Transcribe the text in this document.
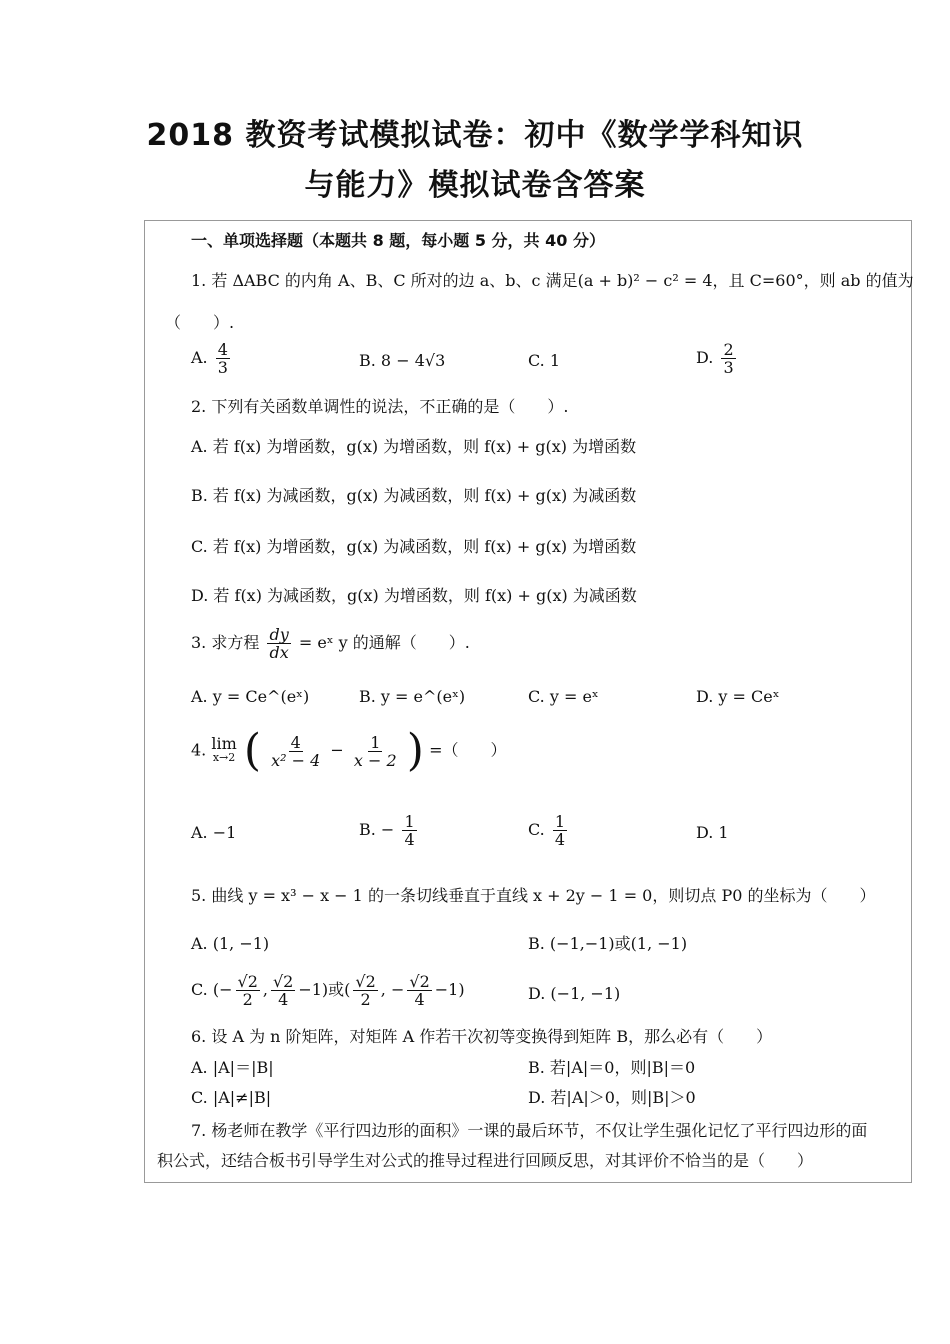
2018 教资考试模拟试卷：初中《数学学科知识
与能力》模拟试卷含答案
一、单项选择题（本题共 8 题，每小题 5 分，共 40 分）
1. 若 ΔABC 的内角 A、B、C 所对的边 a、b、c 满足(a + b)² − c² = 4，且 C=60°，则 ab 的值为
（　　）.
A. $\frac{4}{3}$	B. 8 − 4√3	C. 1	D. $\frac{2}{3}$
2. 下列有关函数单调性的说法，不正确的是（　　）.
A. 若 f(x) 为增函数，g(x) 为增函数，则 f(x) + g(x) 为增函数
B. 若 f(x) 为减函数，g(x) 为减函数，则 f(x) + g(x) 为减函数
C. 若 f(x) 为增函数，g(x) 为减函数，则 f(x) + g(x) 为增函数
D. 若 f(x) 为减函数，g(x) 为增函数，则 f(x) + g(x) 为减函数
3. 求方程 $\frac{dy}{dx}$ = eˣ y 的通解（　　）.
A. y = Ce^(eˣ)	B. y = e^(eˣ)	C. y = eˣ	D. y = Ceˣ
4. lim
x→2 ( $\frac{4}{\text{x² − 4}} - \frac{1}{x - 2}$ ) =（　　）
A. −1	B. − $\frac{1}{4}$	C. $\frac{1}{4}$	D. 1
5. 曲线 y = x³ − x − 1 的一条切线垂直于直线 x + 2y − 1 = 0，则切点 P0 的坐标为（　　）
A. (1, −1)	B. (−1,−1)或(1, −1)
C. (− $\frac{√2}{2}$ , $\frac{√2}{4} -1$)或( $\frac{√2}{2}$ , − $\frac{√2}{4} -1$)	D. (−1, −1)
6. 设 A 为 n 阶矩阵，对矩阵 A 作若干次初等变换得到矩阵 B，那么必有（　　）
A. |A|＝|B|	B. 若|A|＝0，则|B|＝0
C. |A|≠|B|	D. 若|A|＞0，则|B|＞0
7. 杨老师在教学《平行四边形的面积》一课的最后环节，不仅让学生强化记忆了平行四边形的面
积公式，还结合板书引导学生对公式的推导过程进行回顾反思，对其评价不恰当的是（　　）
